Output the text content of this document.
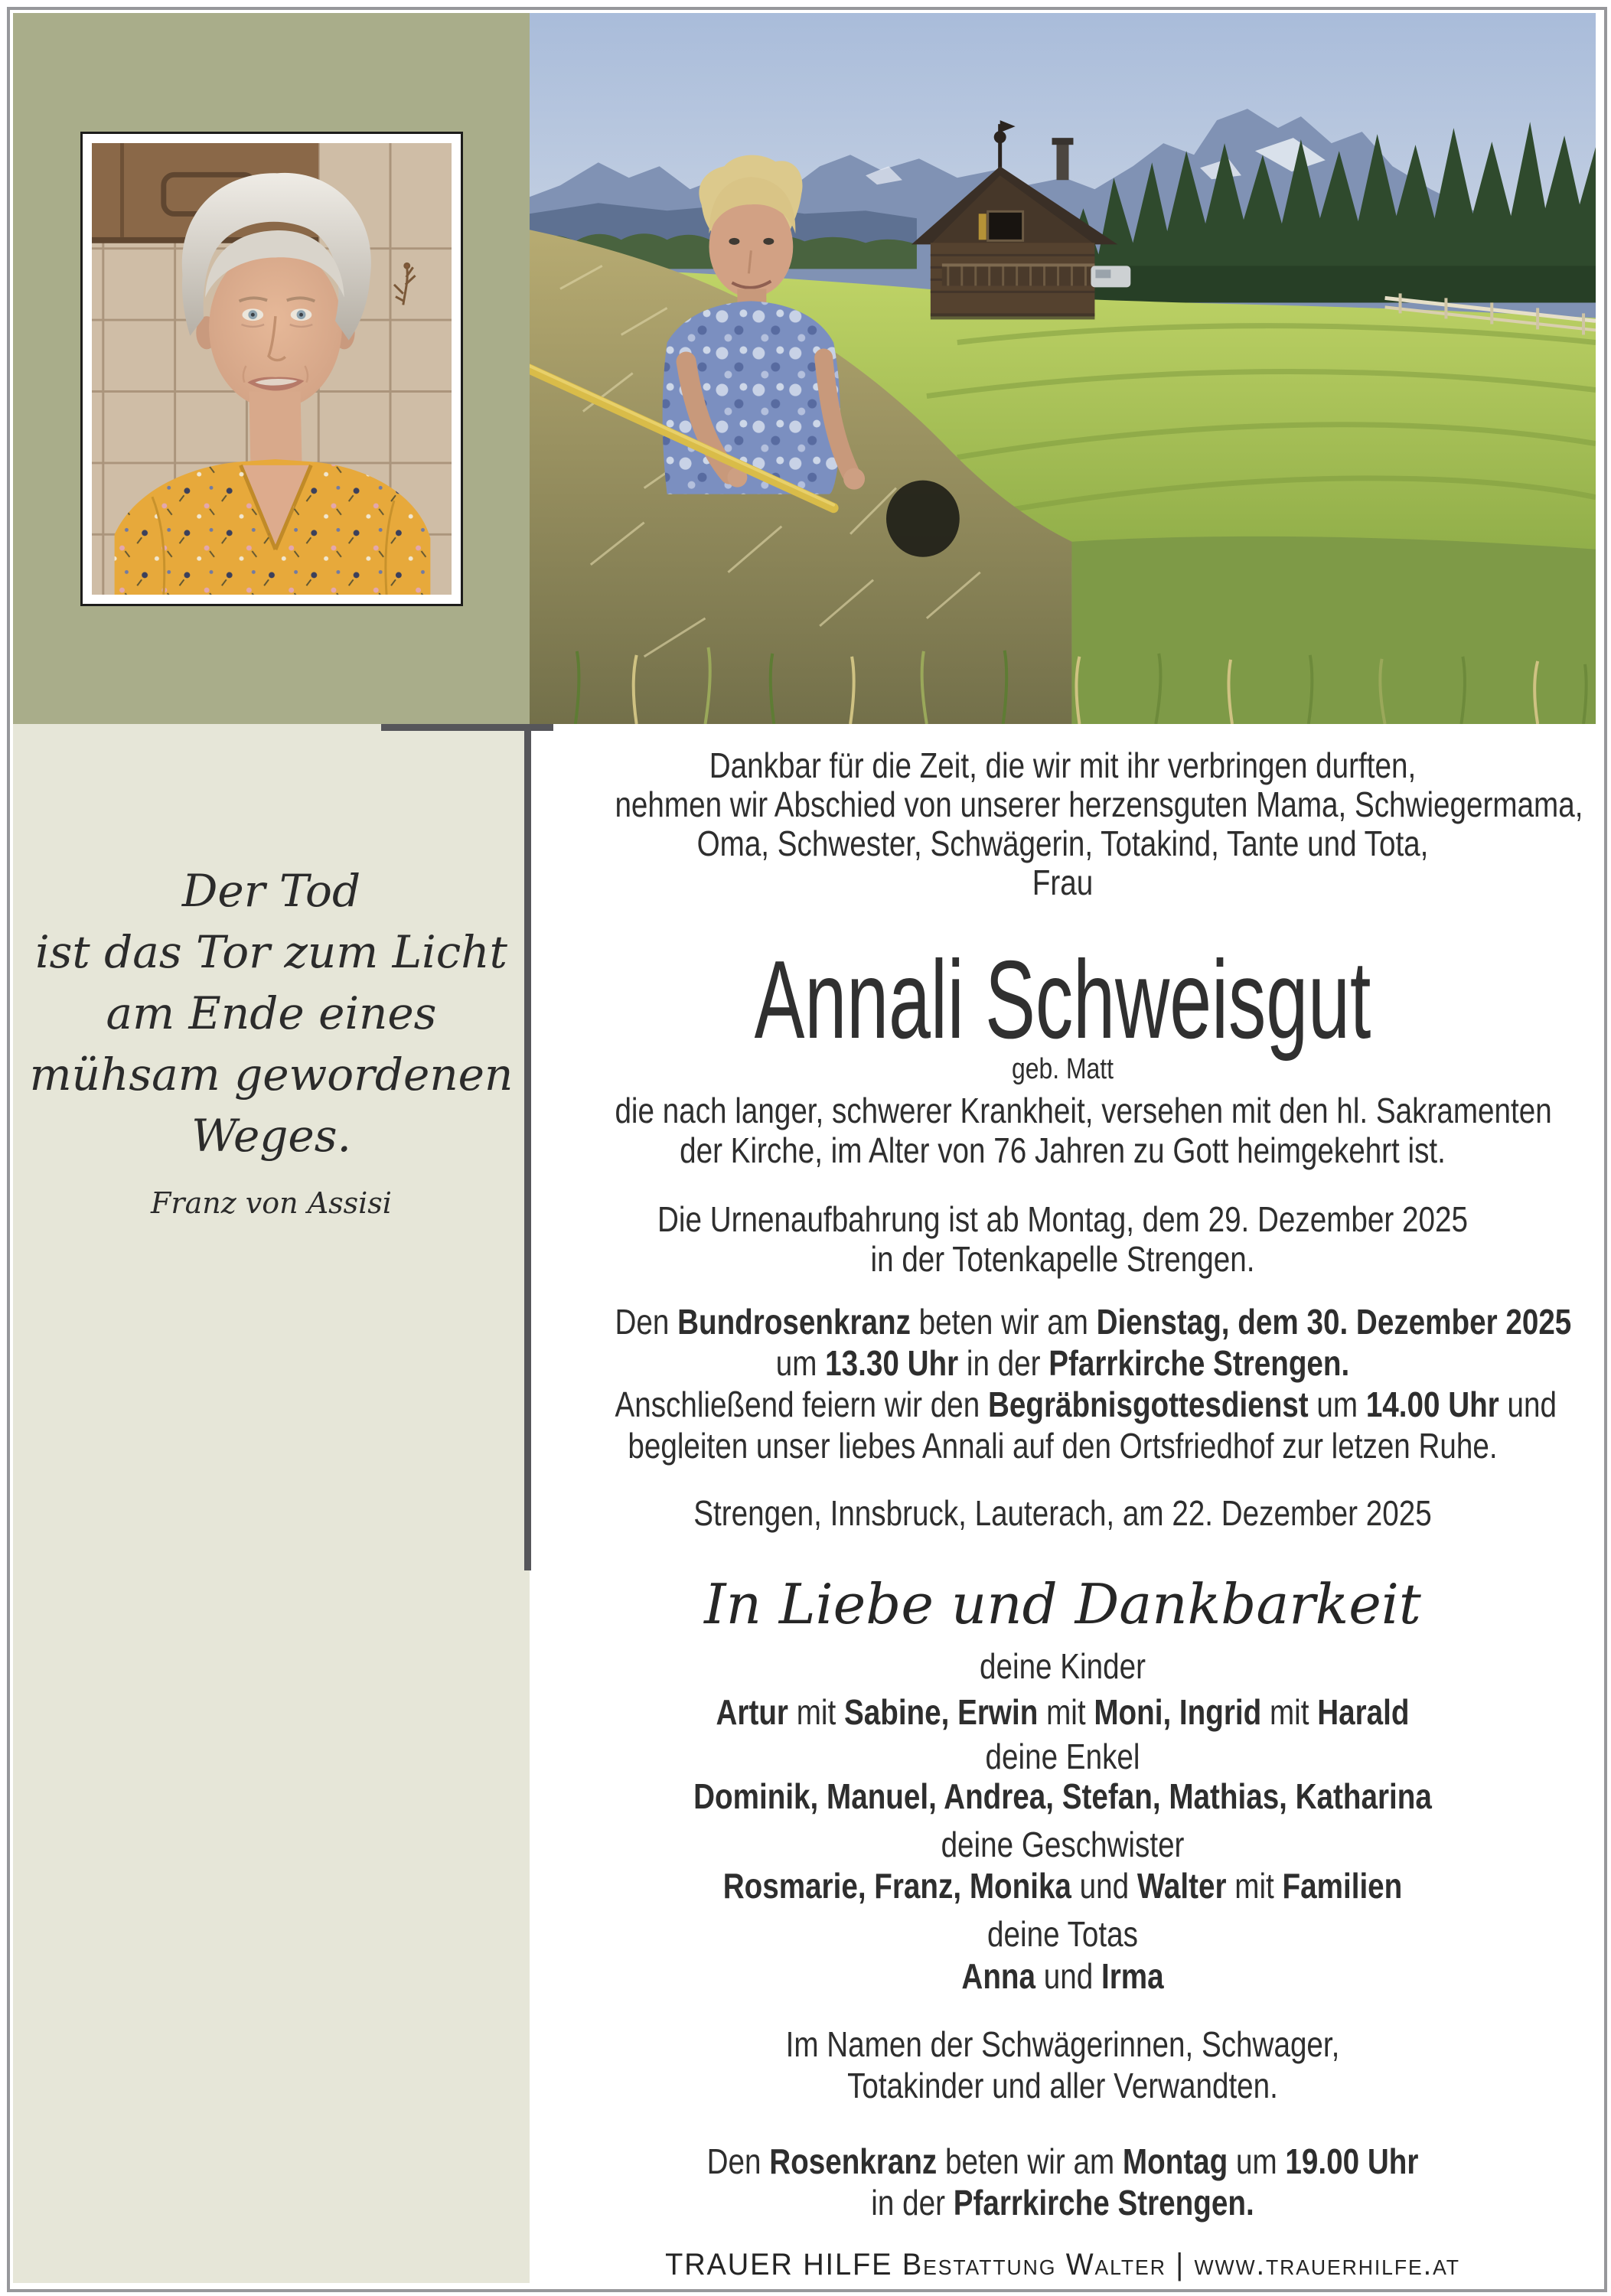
Der Tod
ist das Tor zum Licht
am Ende eines
mühsam gewordenen
Weges.
Franz von Assisi
Dankbar für die Zeit, die wir mit ihr verbringen durften,
nehmen wir Abschied von unserer herzensguten Mama, Schwiegermama,
Oma, Schwester, Schwägerin, Totakind, Tante und Tota,
Frau
Annali Schweisgut
geb. Matt
die nach langer, schwerer Krankheit, versehen mit den hl. Sakramenten
der Kirche, im Alter von 76 Jahren zu Gott heimgekehrt ist.
Die Urnenaufbahrung ist ab Montag, dem 29. Dezember 2025
in der Totenkapelle Strengen.
Den Bundrosenkranz beten wir am Dienstag, dem 30. Dezember 2025
um 13.30 Uhr in der Pfarrkirche Strengen.
Anschließend feiern wir den Begräbnisgottesdienst um 14.00 Uhr und
begleiten unser liebes Annali auf den Ortsfriedhof zur letzen Ruhe.
Strengen, Innsbruck, Lauterach, am 22. Dezember 2025
In Liebe und Dankbarkeit
deine Kinder
Artur mit Sabine, Erwin mit Moni, Ingrid mit Harald
deine Enkel
Dominik, Manuel, Andrea, Stefan, Mathias, Katharina
deine Geschwister
Rosmarie, Franz, Monika und Walter mit Familien
deine Totas
Anna und Irma
Im Namen der Schwägerinnen, Schwager,
Totakinder und aller Verwandten.
Den Rosenkranz beten wir am Montag um 19.00 Uhr
in der Pfarrkirche Strengen.
TRAUER HILFE Bestattung Walter | www.trauerhilfe.at
